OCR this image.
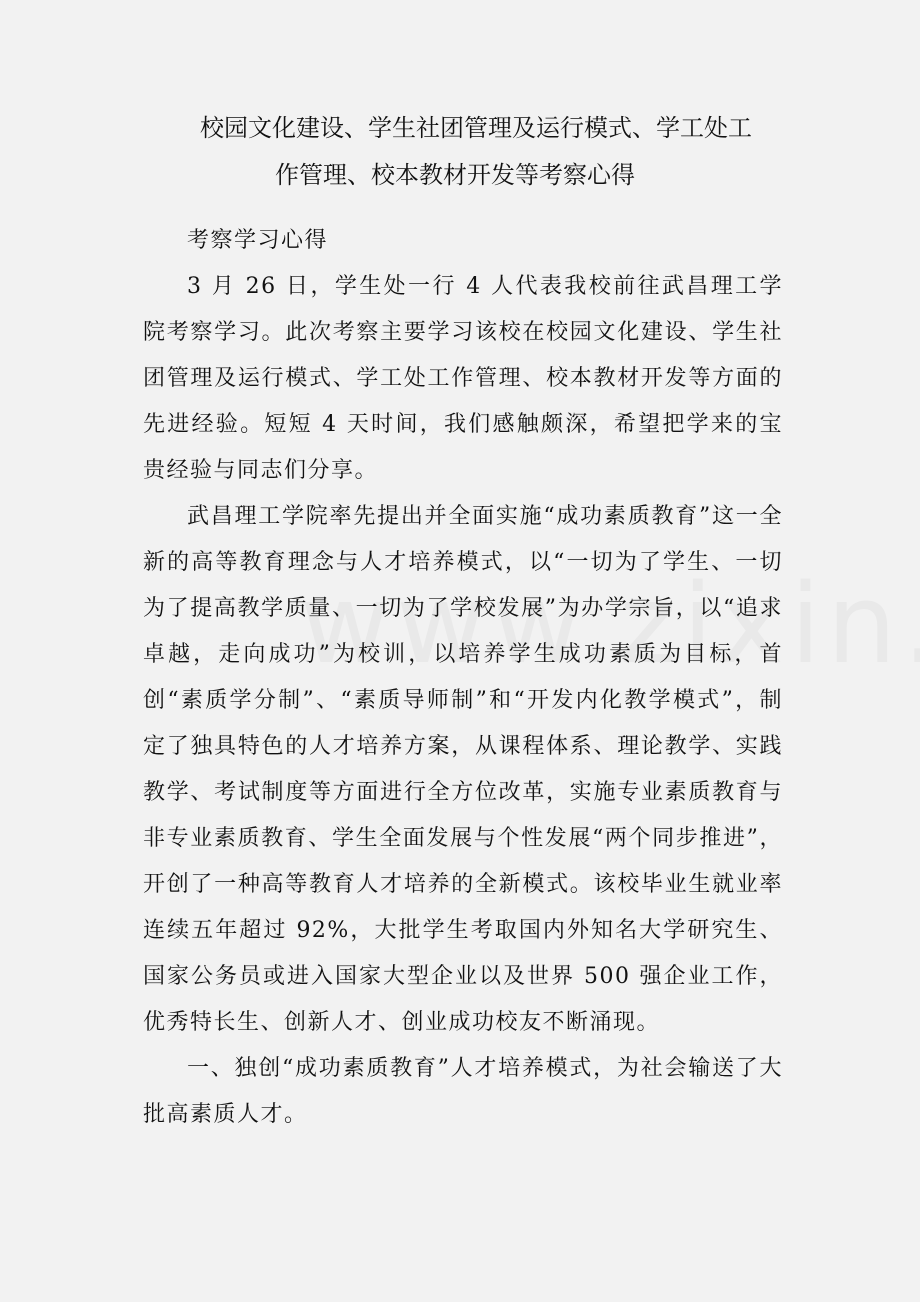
校园文化建设、学生社团管理及运行模式、学工处工
作管理、校本教材开发等考察心得

考察学习心得

3 月 26 日，学生处一行 4 人代表我校前往武昌理工学院考察学习。此次考察主要学习该校在校园文化建设、学生社团管理及运行模式、学工处工作管理、校本教材开发等方面的先进经验。短短 4 天时间，我们感触颇深，希望把学来的宝贵经验与同志们分享。

武昌理工学院率先提出并全面实施“成功素质教育”这一全新的高等教育理念与人才培养模式，以“一切为了学生、一切为了提高教学质量、一切为了学校发展”为办学宗旨，以“追求卓越，走向成功”为校训，以培养学生成功素质为目标，首创“素质学分制”、“素质导师制”和“开发内化教学模式”，制定了独具特色的人才培养方案，从课程体系、理论教学、实践教学、考试制度等方面进行全方位改革，实施专业素质教育与非专业素质教育、学生全面发展与个性发展“两个同步推进”，开创了一种高等教育人才培养的全新模式。该校毕业生就业率连续五年超过 92%，大批学生考取国内外知名大学研究生、国家公务员或进入国家大型企业以及世界 500 强企业工作，优秀特长生、创新人才、创业成功校友不断涌现。

一、独创“成功素质教育”人才培养模式，为社会输送了大批高素质人才。
